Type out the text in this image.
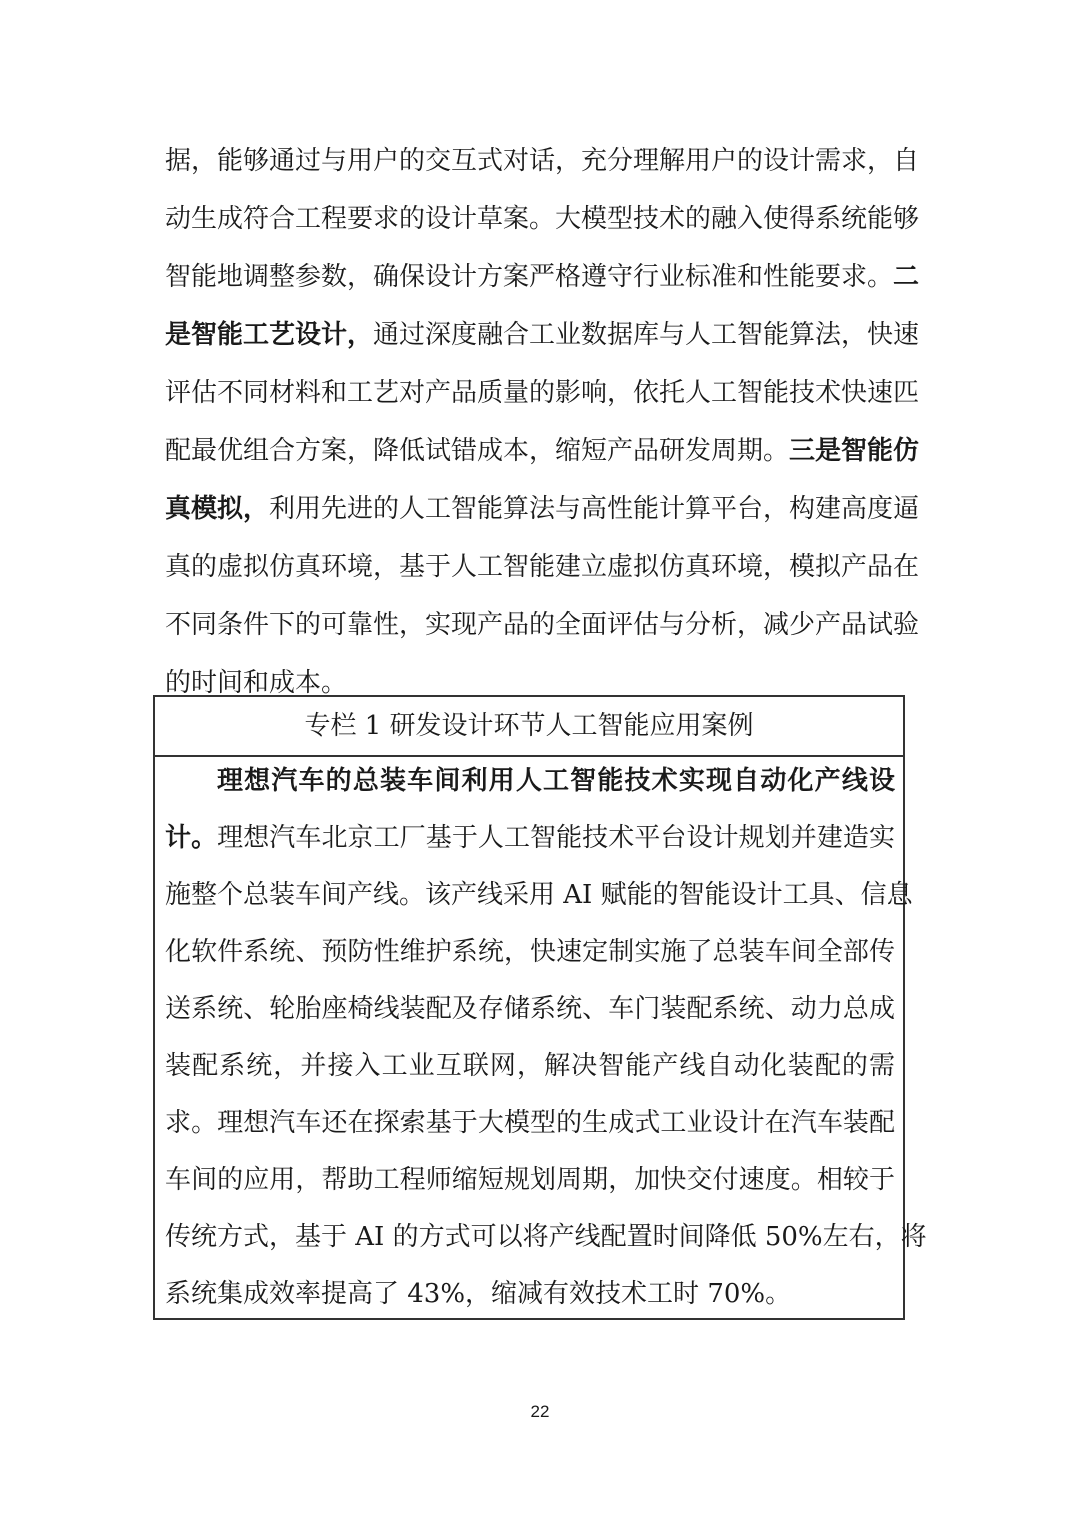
据，能够通过与用户的交互式对话，充分理解用户的设计需求，自
动生成符合工程要求的设计草案。大模型技术的融入使得系统能够
智能地调整参数，确保设计方案严格遵守行业标准和性能要求。二
是智能工艺设计，通过深度融合工业数据库与人工智能算法，快速
评估不同材料和工艺对产品质量的影响，依托人工智能技术快速匹
配最优组合方案，降低试错成本，缩短产品研发周期。三是智能仿
真模拟，利用先进的人工智能算法与高性能计算平台，构建高度逼
真的虚拟仿真环境，基于人工智能建立虚拟仿真环境，模拟产品在
不同条件下的可靠性，实现产品的全面评估与分析，减少产品试验
的时间和成本。
专栏 1 研发设计环节人工智能应用案例
理想汽车的总装车间利用人工智能技术实现自动化产线设
计。理想汽车北京工厂基于人工智能技术平台设计规划并建造实
施整个总装车间产线。该产线采用 AI 赋能的智能设计工具、信息
化软件系统、预防性维护系统，快速定制实施了总装车间全部传
送系统、轮胎座椅线装配及存储系统、车门装配系统、动力总成
装配系统，并接入工业互联网，解决智能产线自动化装配的需
求。理想汽车还在探索基于大模型的生成式工业设计在汽车装配
车间的应用，帮助工程师缩短规划周期，加快交付速度。相较于
传统方式，基于 AI 的方式可以将产线配置时间降低 50%左右，将
系统集成效率提高了 43%，缩减有效技术工时 70%。
22
